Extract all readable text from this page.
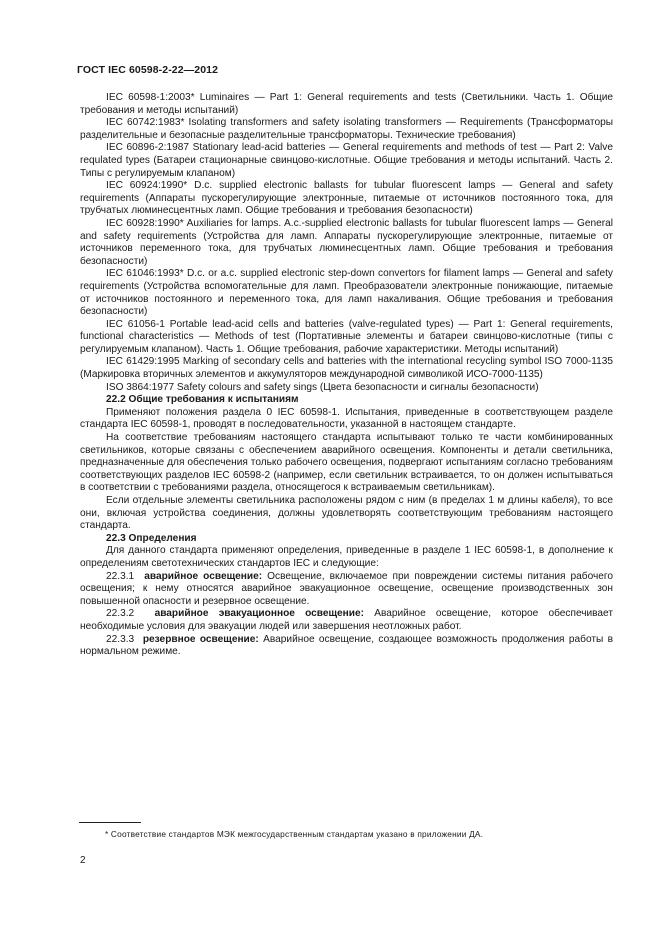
ГОСТ IEC 60598-2-22—2012

IEC 60598-1:2003* Luminaires — Part 1: General requirements and tests (Светильники. Часть 1. Общие требования и методы испытаний)

IEC 60742:1983* Isolating transformers and safety isolating transformers — Requirements (Трансформаторы разделительные и безопасные разделительные трансформаторы. Технические требования)

IEC 60896-2:1987 Stationary lead-acid batteries — General requirements and methods of test — Part 2: Valve requlated types (Батареи стационарные свинцово-кислотные. Общие требования и методы испытаний. Часть 2. Типы с регулируемым клапаном)

IEC 60924:1990* D.c. supplied electronic ballasts for tubular fluorescent lamps — General and safety requirements (Аппараты пускорегулирующие электронные, питаемые от источников постоянного тока, для трубчатых люминесцентных ламп. Общие требования и требования безопасности)

IEC 60928:1990* Auxiliaries for lamps. A.c.-supplied electronic ballasts for tubular fluorescent lamps — General and safety requirements (Устройства для ламп. Аппараты пускорегулирующие электронные, питаемые от источников переменного тока, для трубчатых люминесцентных ламп. Общие требования и требования безопасности)

IEC 61046:1993* D.c. or a.c. supplied electronic step-down convertors for filament lamps — General and safety requirements (Устройства вспомогательные для ламп. Преобразователи электронные понижающие, питаемые от источников постоянного и переменного тока, для ламп накаливания. Общие требования и требования безопасности)

IEC 61056-1 Portable lead-acid cells and batteries (valve-regulated types) — Part 1: General requirements, functional characteristics — Methods of test (Портативные элементы и батареи свинцово-кислотные (типы с регулируемым клапаном). Часть 1. Общие требования, рабочие характеристики. Методы испытаний)

IEC 61429:1995 Marking of secondary cells and batteries with the international recycling symbol ISO 7000-1135 (Маркировка вторичных элементов и аккумуляторов международной символикой ИСО-7000-1135)

ISO 3864:1977 Safety colours and safety sings (Цвета безопасности и сигналы безопасности)

22.2 Общие требования к испытаниям

Применяют положения раздела 0 IEC 60598-1. Испытания, приведенные в соответствующем разделе стандарта IEC 60598-1, проводят в последовательности, указанной в настоящем стандарте.

На соответствие требованиям настоящего стандарта испытывают только те части комбинированных светильников, которые связаны с обеспечением аварийного освещения. Компоненты и детали светильника, предназначенные для обеспечения только рабочего освещения, подвергают испытаниям согласно требованиям соответствующих разделов IEC 60598-2 (например, если светильник встраивается, то он должен испытываться в соответствии с требованиями раздела, относящегося к встраиваемым светильникам).

Если отдельные элементы светильника расположены рядом с ним (в пределах 1 м длины кабеля), то все они, включая устройства соединения, должны удовлетворять соответствующим требованиям настоящего стандарта.

22.3 Определения

Для данного стандарта применяют определения, приведенные в разделе 1 IEC 60598-1, в дополнение к определениям светотехнических стандартов IEC и следующие:

22.3.1 аварийное освещение: Освещение, включаемое при повреждении системы питания рабочего освещения; к нему относятся аварийное эвакуационное освещение, освещение производственных зон повышенной опасности и резервное освещение.

22.3.2 аварийное эвакуационное освещение: Аварийное освещение, которое обеспечивает необходимые условия для эвакуации людей или завершения неотложных работ.

22.3.3 резервное освещение: Аварийное освещение, создающее возможность продолжения работы в нормальном режиме.

* Соответствие стандартов МЭК межгосударственным стандартам указано в приложении ДА.
2
